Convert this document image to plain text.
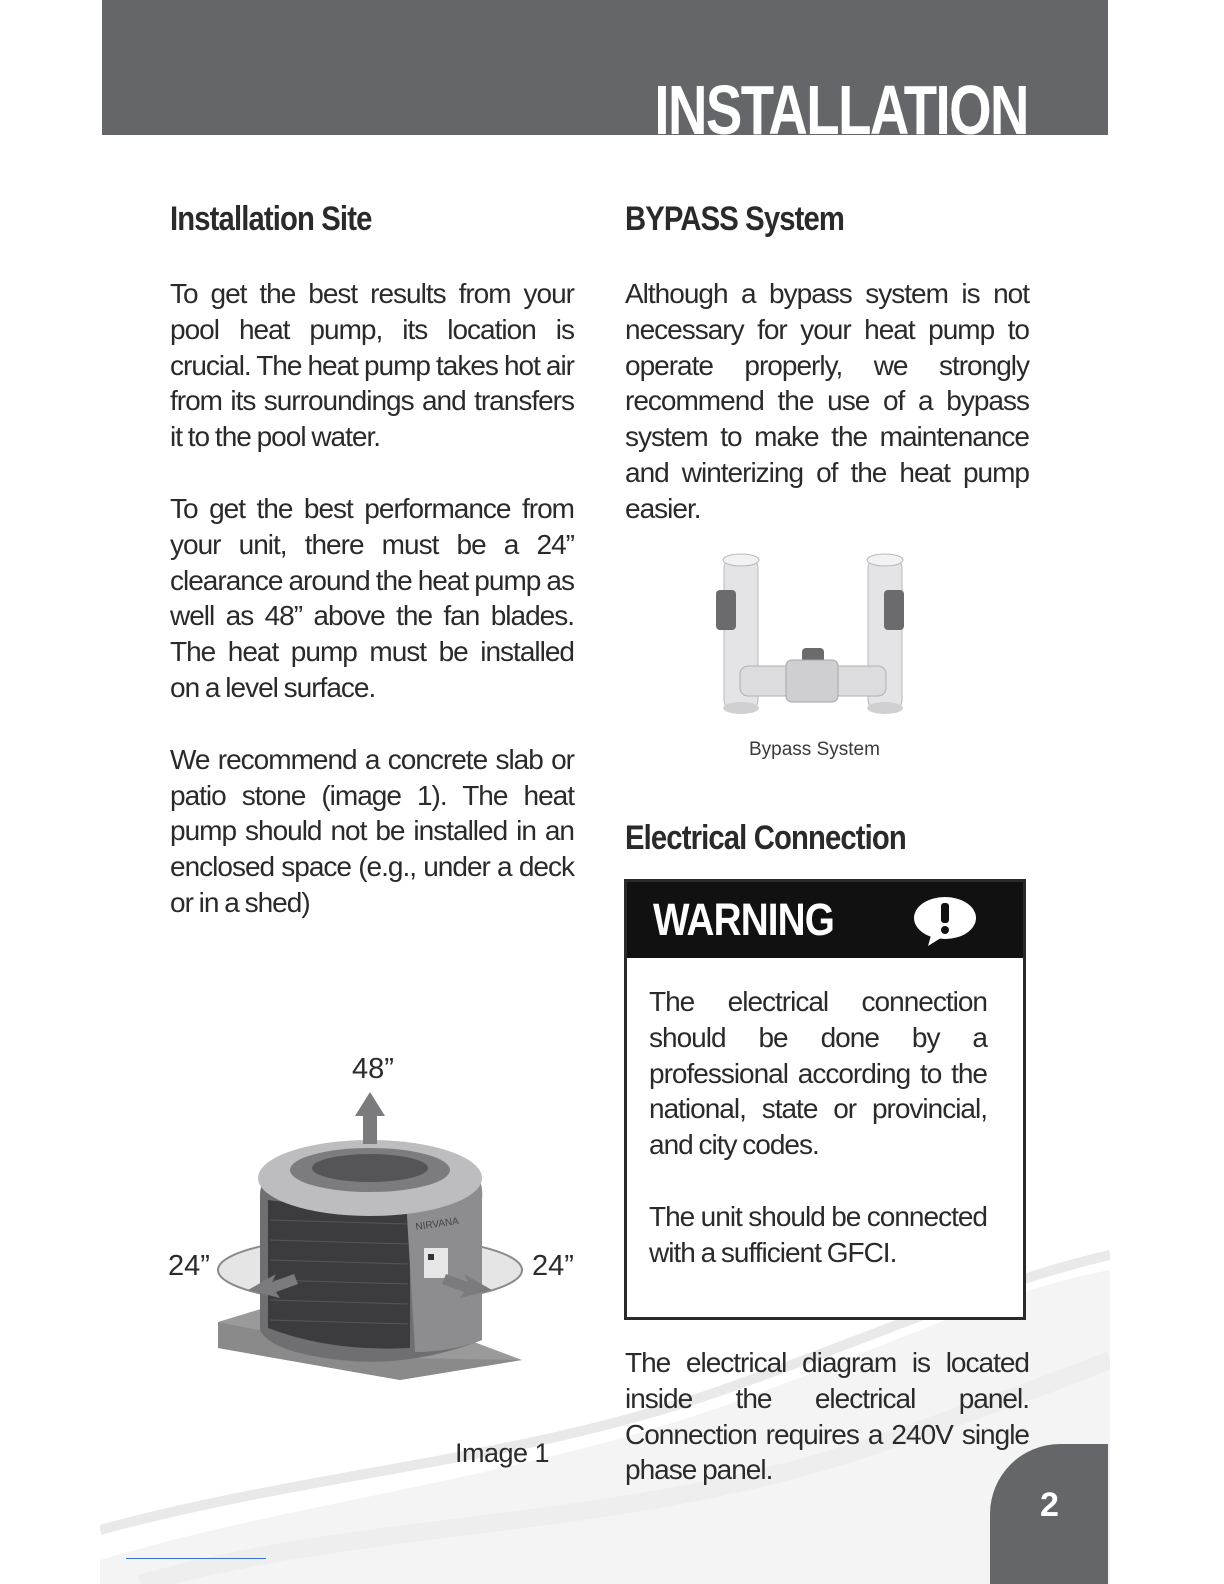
INSTALLATION
Installation Site

To get the best results from your pool heat pump, its location is crucial. The heat pump takes hot air from its surroundings and transfers it to the pool water.

To get the best performance from your unit, there must be a 24” clearance around the heat pump as well as 48” above the fan blades. The heat pump must be installed on a level surface.

We recommend a concrete slab or patio stone (image 1). The heat pump should not be installed in an enclosed space (e.g., under a deck or in a shed)

48”
24”	24”
NIRVANA
Image 1
BYPASS System

Although a bypass system is not necessary for your heat pump to operate properly, we strongly recommend the use of a bypass system to make the maintenance and winterizing of the heat pump easier.

Bypass System
Electrical Connection
WARNING

The electrical connection should be done by a professional according to the national, state or provincial, and city codes.

The unit should be connected with a sufficient GFCI.

The electrical diagram is located inside the electrical panel. Connection requires a 240V single phase panel.

2
